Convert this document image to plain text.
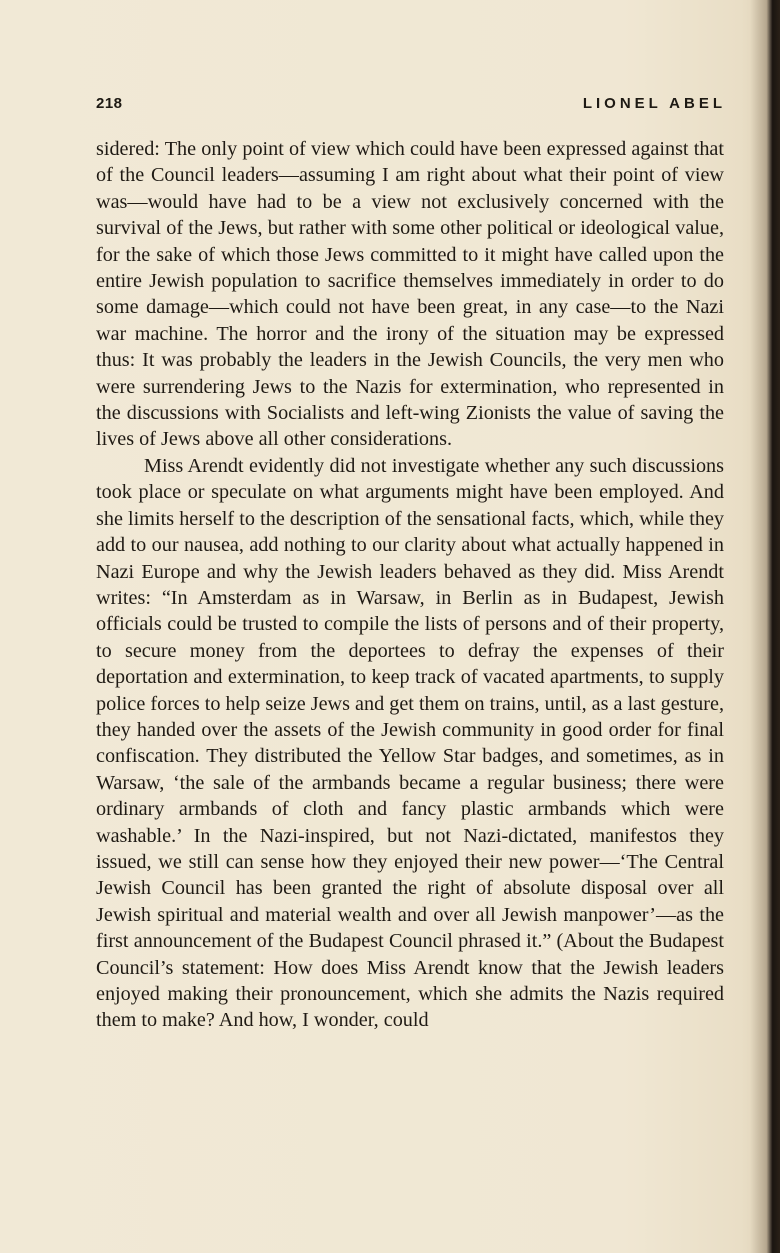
218	LIONEL ABEL

sidered: The only point of view which could have been expressed against that of the Council leaders—assuming I am right about what their point of view was—would have had to be a view not exclusively concerned with the survival of the Jews, but rather with some other political or ideological value, for the sake of which those Jews committed to it might have called upon the entire Jewish population to sacrifice themselves immediately in order to do some damage—which could not have been great, in any case—to the Nazi war machine. The horror and the irony of the situation may be expressed thus: It was probably the leaders in the Jewish Councils, the very men who were surrendering Jews to the Nazis for extermination, who represented in the discussions with Socialists and left-wing Zionists the value of saving the lives of Jews above all other considerations.

Miss Arendt evidently did not investigate whether any such discussions took place or speculate on what arguments might have been employed. And she limits herself to the description of the sensational facts, which, while they add to our nausea, add nothing to our clarity about what actually happened in Nazi Europe and why the Jewish leaders behaved as they did. Miss Arendt writes: “In Amsterdam as in Warsaw, in Berlin as in Budapest, Jewish officials could be trusted to compile the lists of persons and of their property, to secure money from the deportees to defray the expenses of their deportation and extermination, to keep track of vacated apartments, to supply police forces to help seize Jews and get them on trains, until, as a last gesture, they handed over the assets of the Jewish community in good order for final confiscation. They distributed the Yellow Star badges, and sometimes, as in Warsaw, ‘the sale of the armbands became a regular business; there were ordinary armbands of cloth and fancy plastic armbands which were washable.’ In the Nazi-inspired, but not Nazi-dictated, manifestos they issued, we still can sense how they enjoyed their new power—‘The Central Jewish Council has been granted the right of absolute disposal over all Jewish spiritual and material wealth and over all Jewish manpower’—as the first announcement of the Budapest Council phrased it.” (About the Budapest Council’s statement: How does Miss Arendt know that the Jewish leaders enjoyed making their pronouncement, which she admits the Nazis required them to make? And how, I wonder, could
